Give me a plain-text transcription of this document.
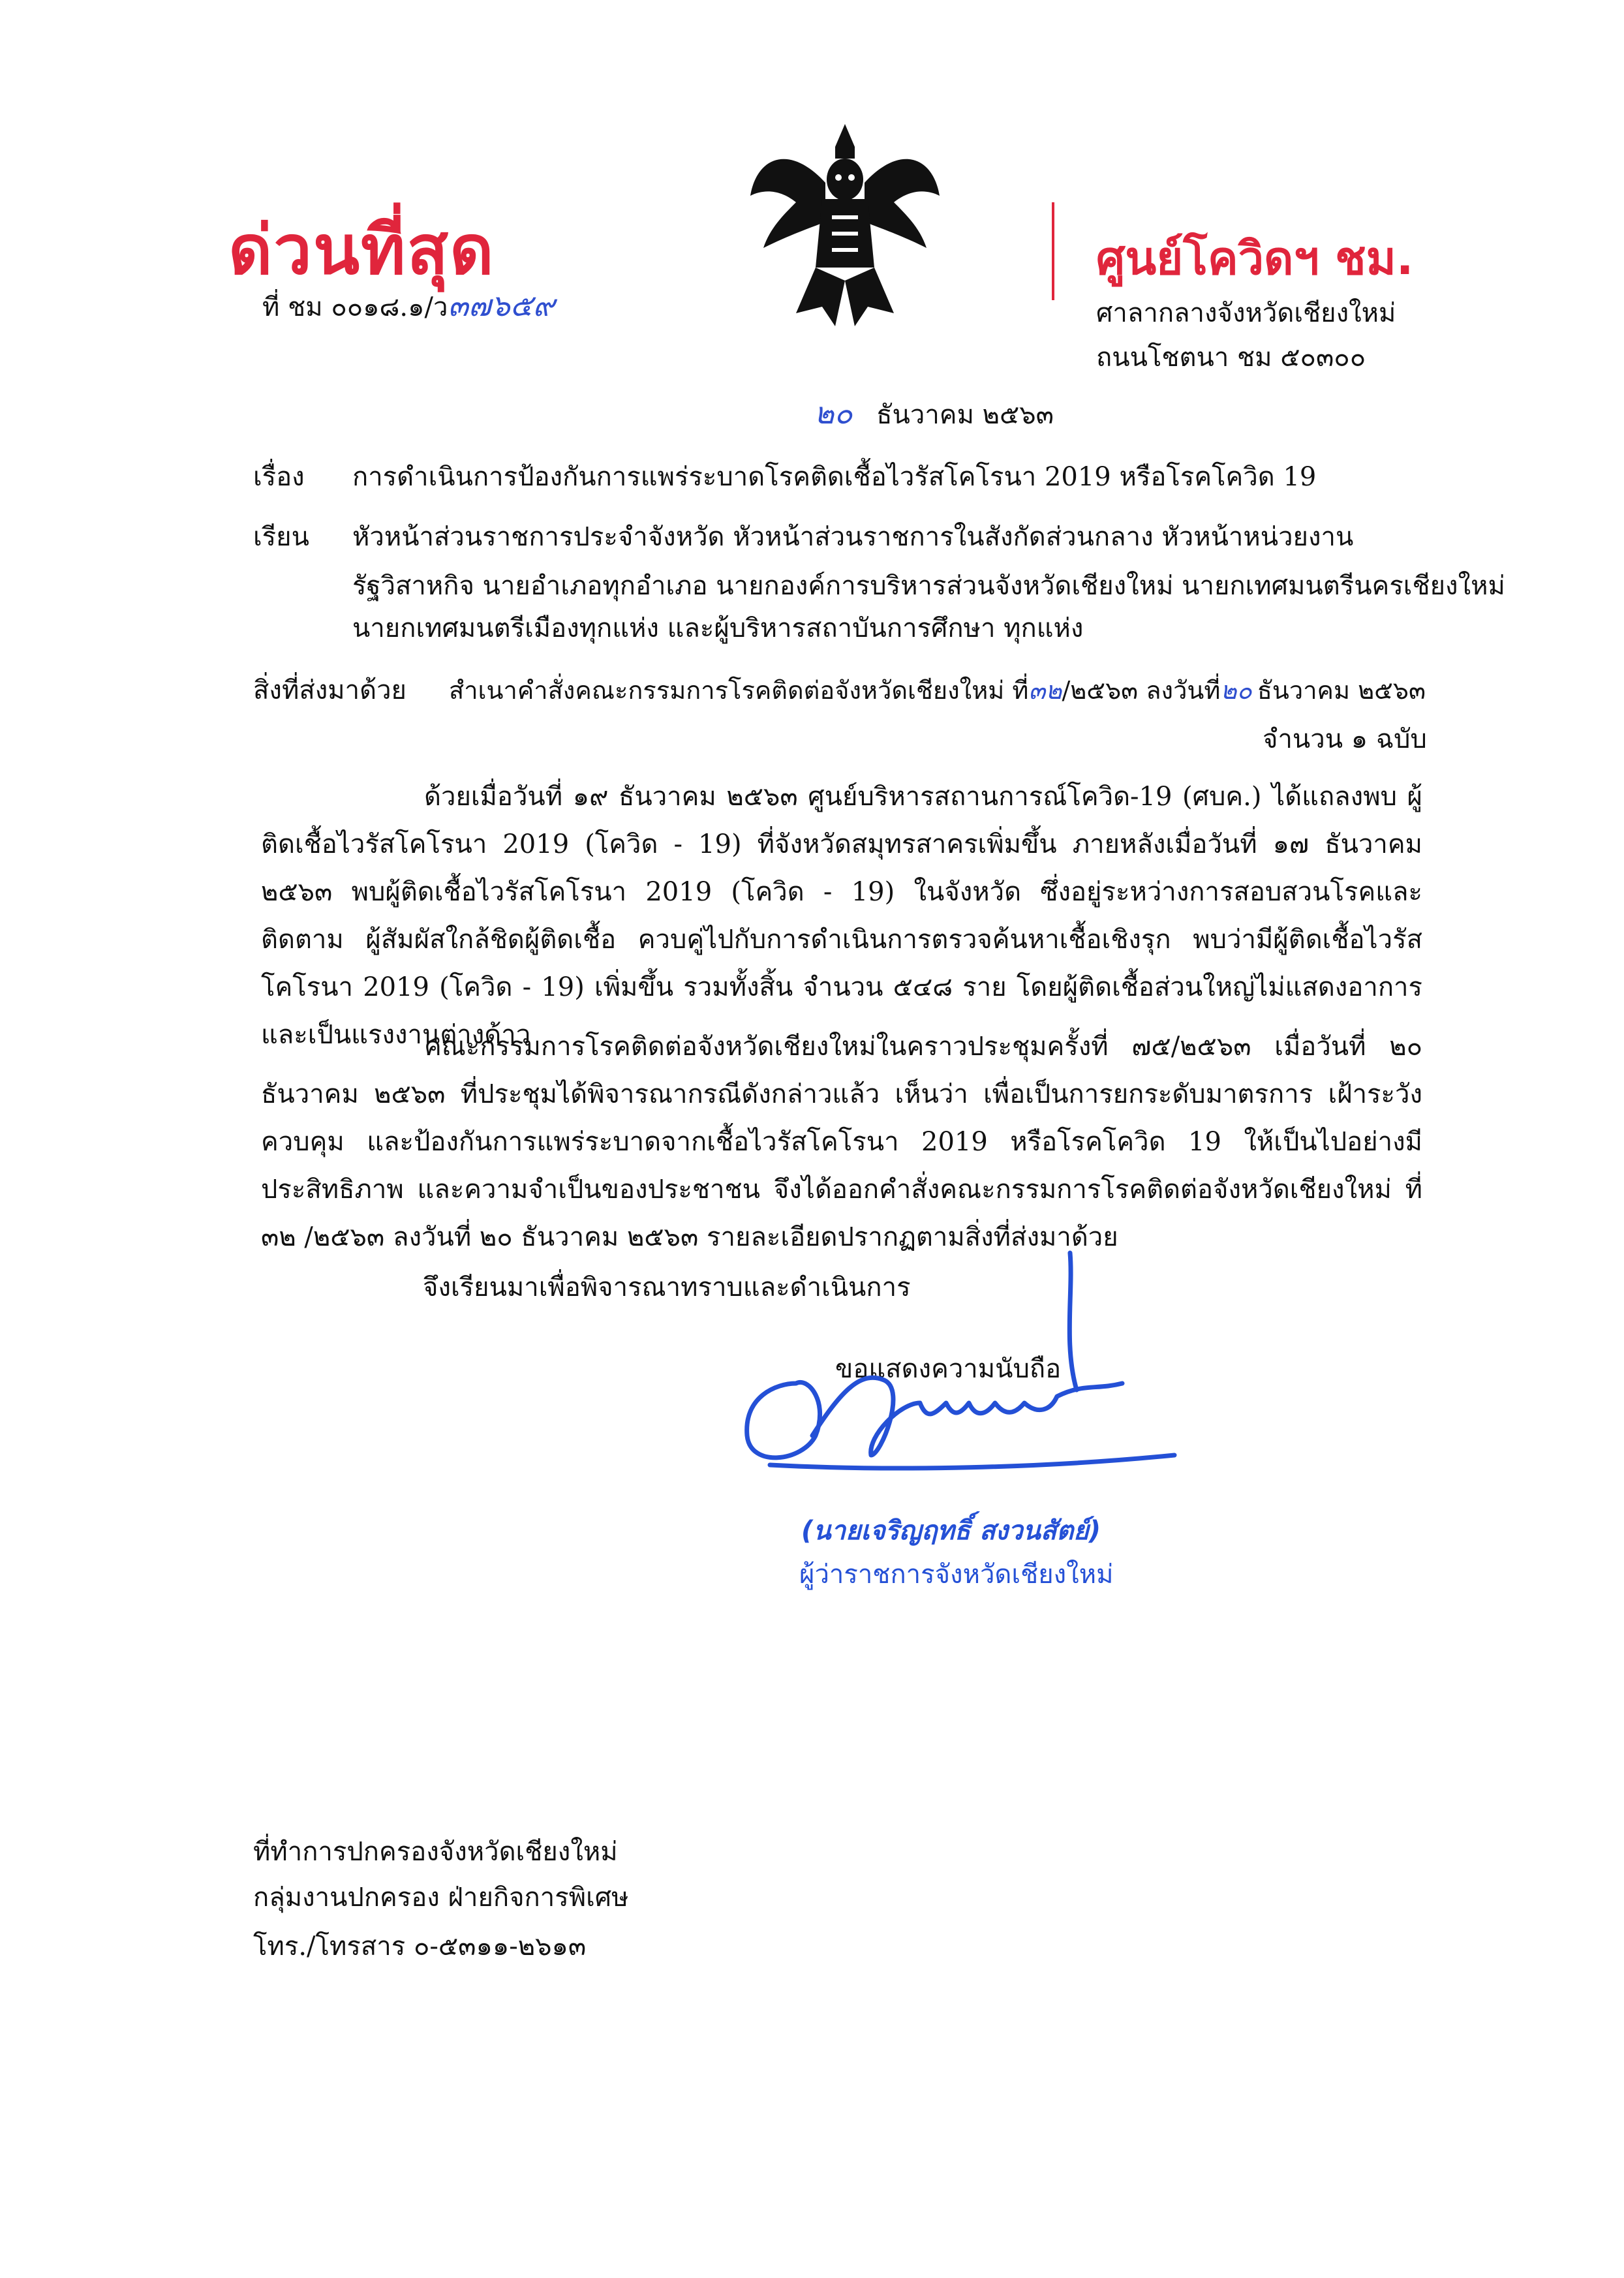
ด่วนที่สุด	ศูนย์โควิดฯ ชม.
ที่ ชม ๐๐๑๘.๑/ว๓๗๖๕๙	ศาลากลางจังหวัดเชียงใหม่
ถนนโชตนา ชม ๕๐๓๐๐
๒๐ ธันวาคม ๒๕๖๓
เรื่อง การดำเนินการป้องกันการแพร่ระบาดโรคติดเชื้อไวรัสโคโรนา 2019 หรือโรคโควิด 19
เรียน หัวหน้าส่วนราชการประจำจังหวัด หัวหน้าส่วนราชการในสังกัดส่วนกลาง หัวหน้าหน่วยงาน
รัฐวิสาหกิจ นายอำเภอทุกอำเภอ นายกองค์การบริหารส่วนจังหวัดเชียงใหม่ นายกเทศมนตรีนครเชียงใหม่
นายกเทศมนตรีเมืองทุกแห่ง และผู้บริหารสถาบันการศึกษา ทุกแห่ง
สิ่งที่ส่งมาด้วย สำเนาคำสั่งคณะกรรมการโรคติดต่อจังหวัดเชียงใหม่ ที่๓๒/๒๕๖๓ ลงวันที่๒๐ ธันวาคม ๒๕๖๓
จำนวน ๑ ฉบับ
ด้วยเมื่อวันที่ ๑๙ ธันวาคม ๒๕๖๓ ศูนย์บริหารสถานการณ์โควิด-19 (ศบค.) ได้แถลงพบ ผู้ติดเชื้อไวรัสโคโรนา 2019 (โควิด - 19) ที่จังหวัดสมุทรสาครเพิ่มขึ้น ภายหลังเมื่อวันที่ ๑๗ ธันวาคม ๒๕๖๓ พบผู้ติดเชื้อไวรัสโคโรนา 2019 (โควิด - 19) ในจังหวัด ซึ่งอยู่ระหว่างการสอบสวนโรคและติดตาม ผู้สัมผัสใกล้ชิดผู้ติดเชื้อ ควบคู่ไปกับการดำเนินการตรวจค้นหาเชื้อเชิงรุก พบว่ามีผู้ติดเชื้อไวรัสโคโรนา 2019 (โควิด - 19) เพิ่มขึ้น รวมทั้งสิ้น จำนวน ๕๔๘ ราย โดยผู้ติดเชื้อส่วนใหญ่ไม่แสดงอาการและเป็นแรงงานต่างด้าว
คณะกรรมการโรคติดต่อจังหวัดเชียงใหม่ในคราวประชุมครั้งที่ ๗๕/๒๕๖๓ เมื่อวันที่ ๒๐ ธันวาคม ๒๕๖๓ ที่ประชุมได้พิจารณากรณีดังกล่าวแล้ว เห็นว่า เพื่อเป็นการยกระดับมาตรการ เฝ้าระวัง ควบคุม และป้องกันการแพร่ระบาดจากเชื้อไวรัสโคโรนา 2019 หรือโรคโควิด 19 ให้เป็นไปอย่างมี ประสิทธิภาพ และความจำเป็นของประชาชน จึงได้ออกคำสั่งคณะกรรมการโรคติดต่อจังหวัดเชียงใหม่ ที่ ๓๒ /๒๕๖๓ ลงวันที่ ๒๐ ธันวาคม ๒๕๖๓ รายละเอียดปรากฏตามสิ่งที่ส่งมาด้วย
จึงเรียนมาเพื่อพิจารณาทราบและดำเนินการ
ขอแสดงความนับถือ
(นายเจริญฤทธิ์ สงวนสัตย์)
ผู้ว่าราชการจังหวัดเชียงใหม่
ที่ทำการปกครองจังหวัดเชียงใหม่
กลุ่มงานปกครอง ฝ่ายกิจการพิเศษ
โทร./โทรสาร ๐-๕๓๑๑-๒๖๑๓
